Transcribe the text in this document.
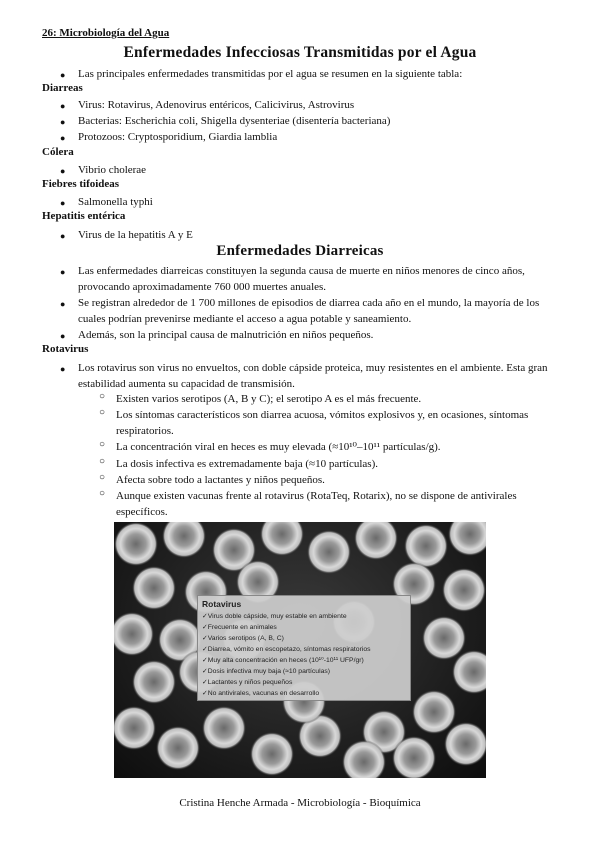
26: Microbiología del Agua
Enfermedades Infecciosas Transmitidas por el Agua
● Las principales enfermedades transmitidas por el agua se resumen en la siguiente tabla:
Diarreas
● Virus: Rotavirus, Adenovirus entéricos, Calicivirus, Astrovirus
● Bacterias: Escherichia coli, Shigella dysenteriae (disentería bacteriana)
● Protozoos: Cryptosporidium, Giardia lamblia
Cólera
● Vibrio cholerae
Fiebres tifoideas
● Salmonella typhi
Hepatitis entérica
● Virus de la hepatitis A y E
Enfermedades Diarreicas
● Las enfermedades diarreicas constituyen la segunda causa de muerte en niños menores de cinco años, provocando aproximadamente 760 000 muertes anuales.
● Se registran alrededor de 1 700 millones de episodios de diarrea cada año en el mundo, la mayoría de los cuales podrían prevenirse mediante el acceso a agua potable y saneamiento.
● Además, son la principal causa de malnutrición en niños pequeños.
Rotavirus
● Los rotavirus son virus no envueltos, con doble cápside proteica, muy resistentes en el ambiente. Esta gran estabilidad aumenta su capacidad de transmisión.
○ Existen varios serotipos (A, B y C); el serotipo A es el más frecuente.
○ Los síntomas característicos son diarrea acuosa, vómitos explosivos y, en ocasiones, síntomas respiratorios.
○ La concentración viral en heces es muy elevada (≈10¹⁰–10¹¹ partículas/g).
○ La dosis infectiva es extremadamente baja (≈10 partículas).
○ Afecta sobre todo a lactantes y niños pequeños.
○ Aunque existen vacunas frente al rotavirus (RotaTeq, Rotarix), no se dispone de antivirales específicos.
Rotavirus
✓Virus doble cápside, muy estable en ambiente
✓Frecuente en animales
✓Varios serotipos (A, B, C)
✓Diarrea, vómito en escopetazo, síntomas respiratorios
✓Muy alta concentración en heces (10¹⁰-10¹¹ UFP/gr)
✓Dosis infectiva muy baja (≈10 partículas)
✓Lactantes y niños pequeños
✓No antivirales, vacunas en desarrollo
Cristina Henche Armada - Microbiología - Bioquímica
